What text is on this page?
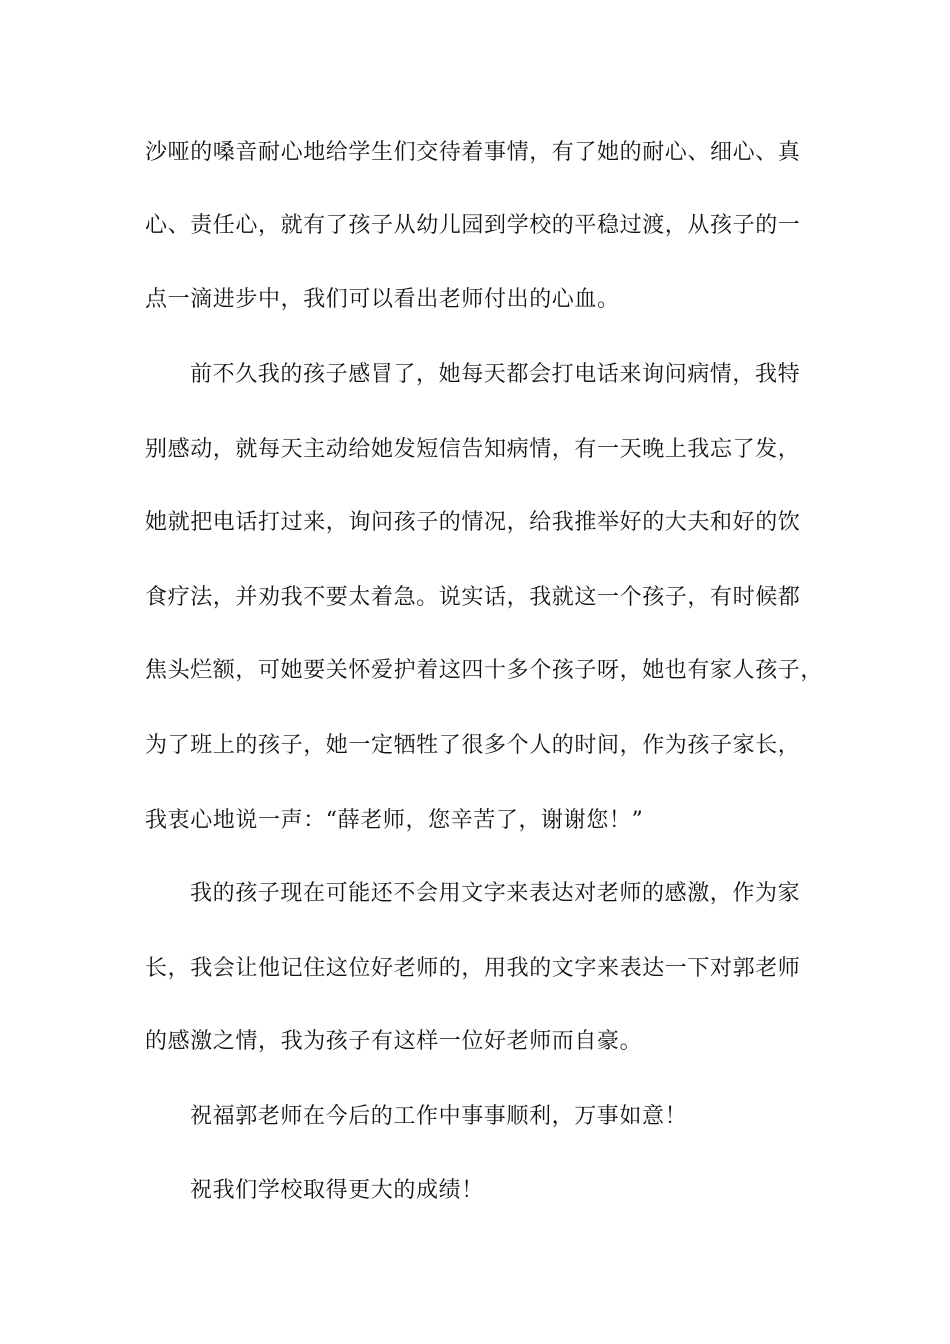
沙哑的嗓音耐心地给学生们交待着事情，有了她的耐心、细心、真
心、责任心，就有了孩子从幼儿园到学校的平稳过渡，从孩子的一
点一滴进步中，我们可以看出老师付出的心血。
前不久我的孩子感冒了，她每天都会打电话来询问病情，我特
别感动，就每天主动给她发短信告知病情，有一天晚上我忘了发，
她就把电话打过来，询问孩子的情况，给我推举好的大夫和好的饮
食疗法，并劝我不要太着急。说实话，我就这一个孩子，有时候都
焦头烂额，可她要关怀爱护着这四十多个孩子呀，她也有家人孩子，
为了班上的孩子，她一定牺牲了很多个人的时间，作为孩子家长，
我衷心地说一声：“薛老师，您辛苦了，谢谢您！”
我的孩子现在可能还不会用文字来表达对老师的感激，作为家
长，我会让他记住这位好老师的，用我的文字来表达一下对郭老师
的感激之情，我为孩子有这样一位好老师而自豪。
祝福郭老师在今后的工作中事事顺利，万事如意！
祝我们学校取得更大的成绩！
